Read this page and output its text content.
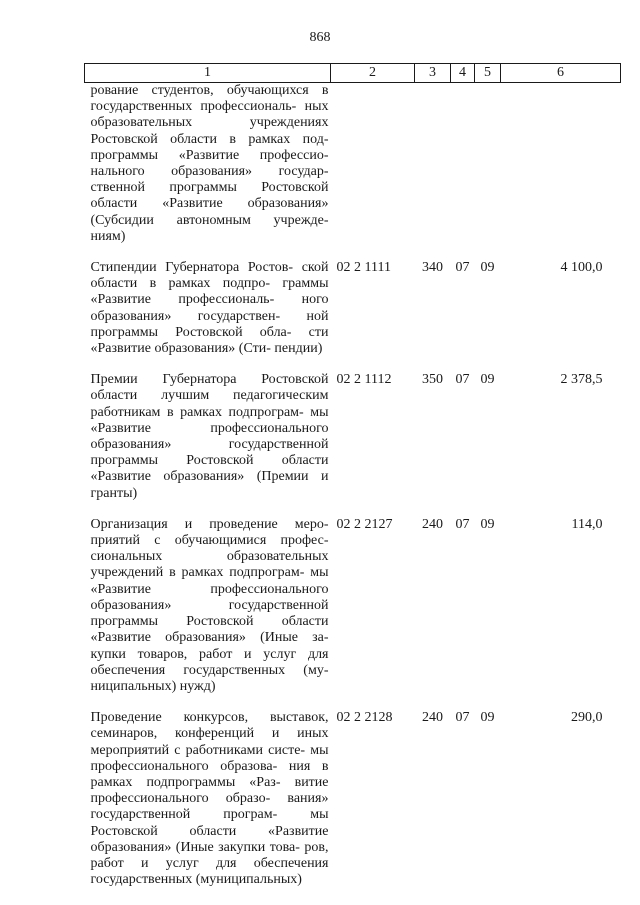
868
1	2	3	4	5	6
рование студентов, обучающихся в государственных профессиональ- ных образовательных учреждениях Ростовской области в рамках под- программы «Развитие профессио- нального образования» государ- ственной программы Ростовской области «Развитие образования» (Субсидии автономным учрежде- ниям)					
Стипендии Губернатора Ростов- ской области в рамках подпро- граммы «Развитие профессиональ- ного образования» государствен- ной программы Ростовской обла- сти «Развитие образования» (Сти- пендии)	02 2 1111	340	07	09	4 100,0
Премии Губернатора Ростовской области лучшим педагогическим работникам в рамках подпрограм- мы «Развитие профессионального образования» государственной программы Ростовской области «Развитие образования» (Премии и гранты)	02 2 1112	350	07	09	2 378,5
Организация и проведение меро- приятий с обучающимися профес- сиональных образовательных учреждений в рамках подпрограм- мы «Развитие профессионального образования» государственной программы Ростовской области «Развитие образования» (Иные за- купки товаров, работ и услуг для обеспечения государственных (му- ниципальных) нужд)	02 2 2127	240	07	09	114,0
Проведение конкурсов, выставок, семинаров, конференций и иных мероприятий с работниками систе- мы профессионального образова- ния в рамках подпрограммы «Раз- витие профессионального образо- вания» государственной програм- мы Ростовской области «Развитие образования» (Иные закупки това- ров, работ и услуг для обеспечения государственных (муниципальных)	02 2 2128	240	07	09	290,0
